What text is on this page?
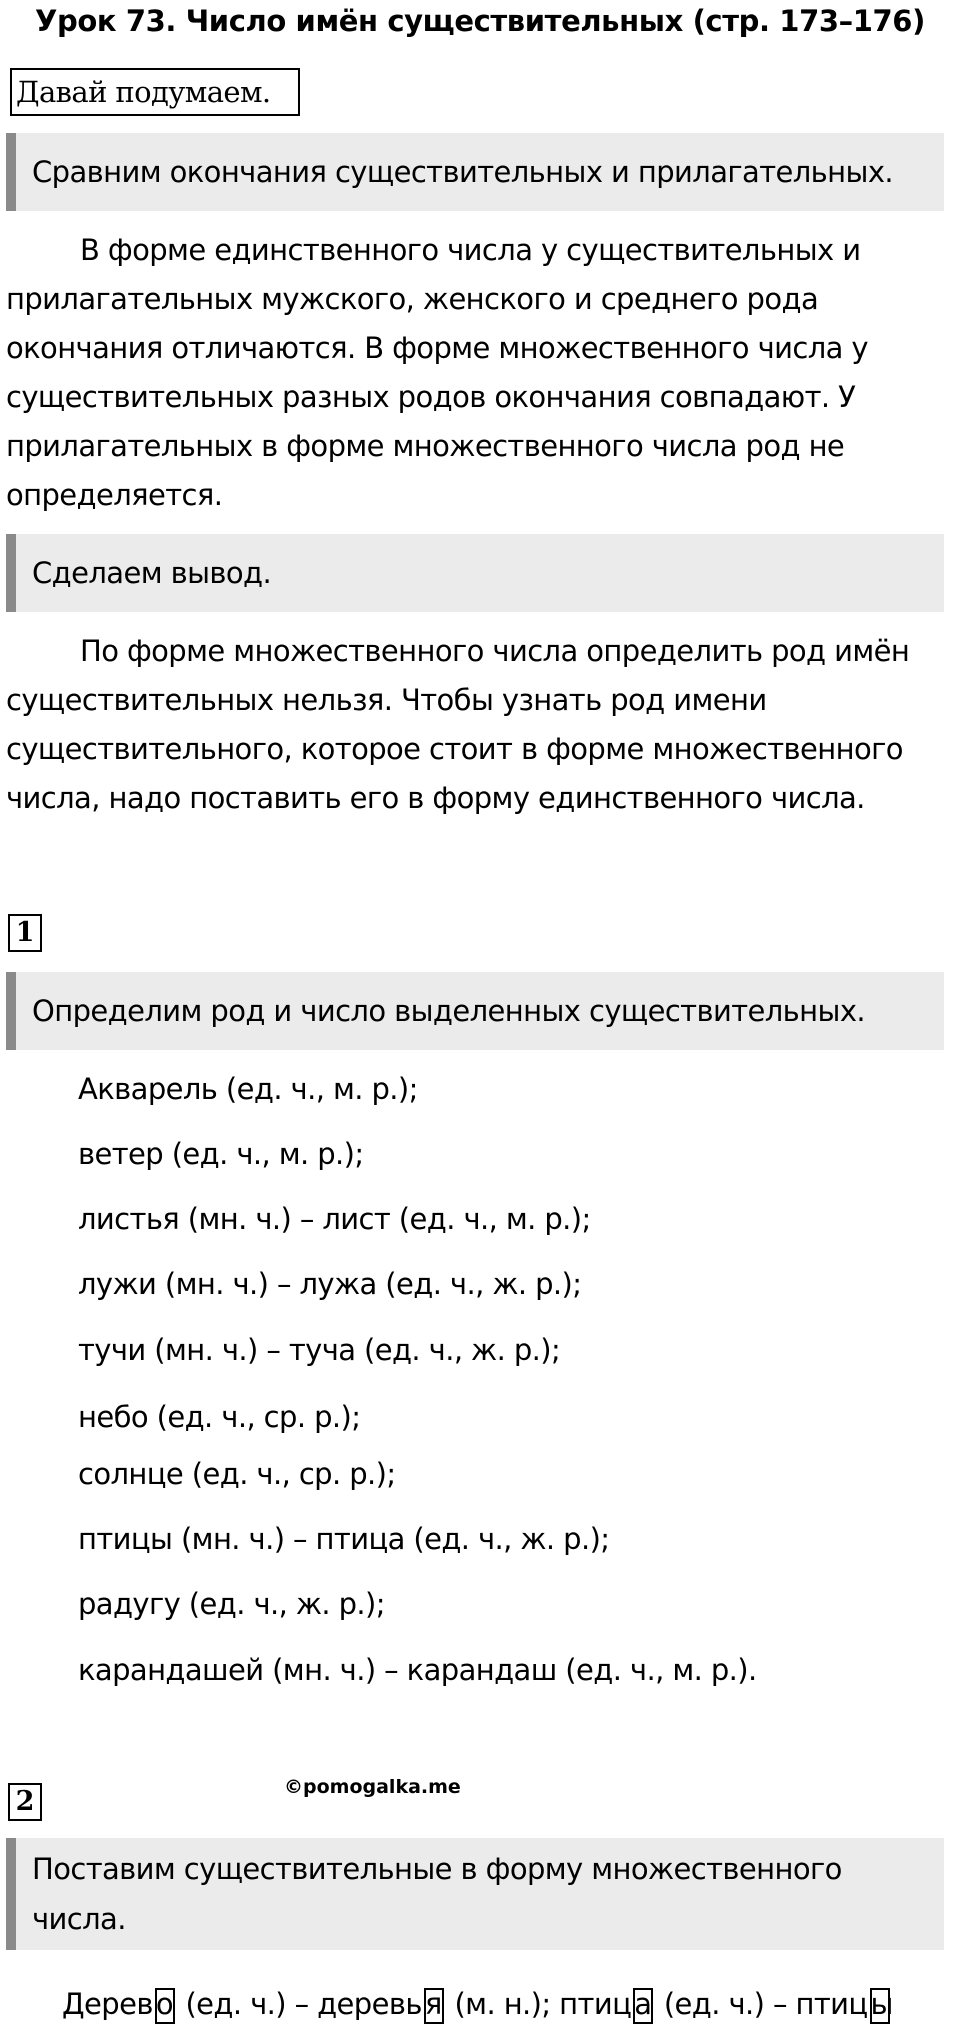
Урок 73. Число имён существительных (стр. 173–176)
Давай подумаем.
Сравним окончания существительных и прилагательных.
В форме единственного числа у существительных и
прилагательных мужского, женского и среднего рода
окончания отличаются. В форме множественного числа у
существительных разных родов окончания совпадают. У
прилагательных в форме множественного числа род не
определяется.
Сделаем вывод.
По форме множественного числа определить род имён
существительных нельзя. Чтобы узнать род имени
существительного, которое стоит в форме множественного
числа, надо поставить его в форму единственного числа.
1
Определим род и число выделенных существительных.
Акварель (ед. ч., м. р.);
ветер (ед. ч., м. р.);
листья (мн. ч.) – лист (ед. ч., м. р.);
лужи (мн. ч.) – лужа (ед. ч., ж. р.);
тучи (мн. ч.) – туча (ед. ч., ж. р.);
небо (ед. ч., ср. р.);
солнце (ед. ч., ср. р.);
птицы (мн. ч.) – птица (ед. ч., ж. р.);
радугу (ед. ч., ж. р.);
карандашей (мн. ч.) – карандаш (ед. ч., м. р.).
2	©pomogalka.me
Поставим существительные в форму множественного
числа.
Дерев о (ед. ч.) – деревь я (м. н.); птиц а (ед. ч.) – птиц ы
